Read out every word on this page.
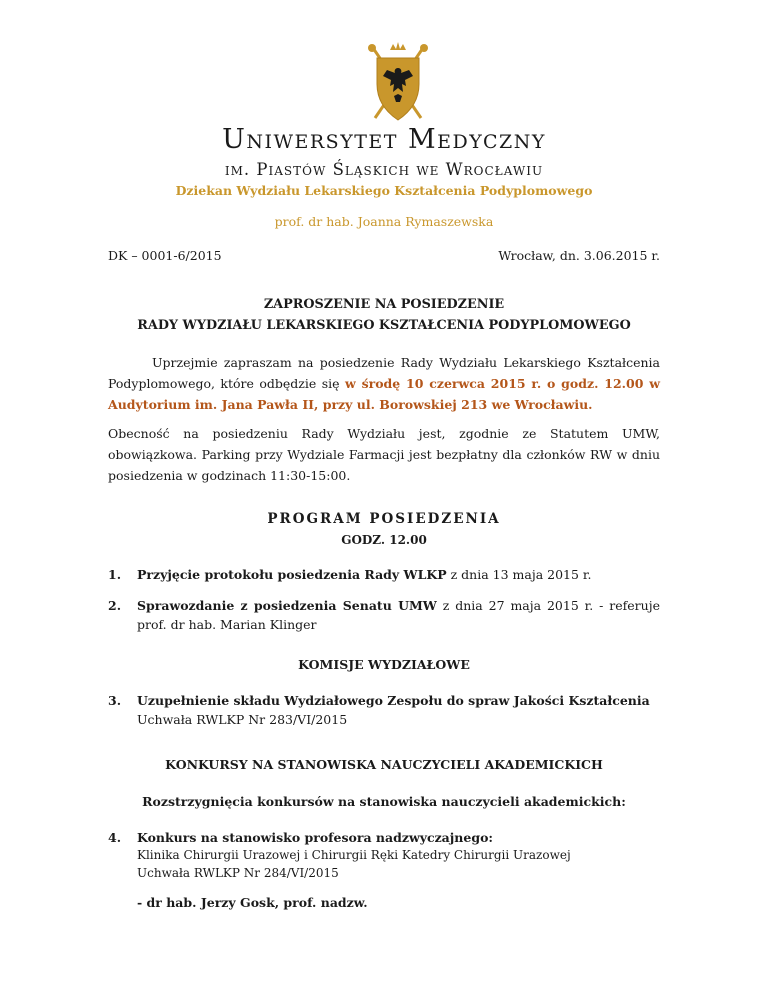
Uniwersytet Medyczny
im. Piastów Śląskich we Wrocławiu
Dziekan Wydziału Lekarskiego Kształcenia Podyplomowego
prof. dr hab. Joanna Rymaszewska
DK – 0001-6/2015	Wrocław, dn. 3.06.2015 r.
ZAPROSZENIE NA POSIEDZENIE
RADY WYDZIAŁU LEKARSKIEGO KSZTAŁCENIA PODYPLOMOWEGO
Uprzejmie zapraszam na posiedzenie Rady Wydziału Lekarskiego Kształcenia Podyplomowego, które odbędzie się w środę 10 czerwca 2015 r. o godz. 12.00 w Audytorium im. Jana Pawła II, przy ul. Borowskiej 213 we Wrocławiu.
Obecność na posiedzeniu Rady Wydziału jest, zgodnie ze Statutem UMW, obowiązkowa. Parking przy Wydziale Farmacji jest bezpłatny dla członków RW w dniu posiedzenia w godzinach 11:30-15:00.
PROGRAM POSIEDZENIA
GODZ. 12.00
1. Przyjęcie protokołu posiedzenia Rady WLKP z dnia 13 maja 2015 r.
2. Sprawozdanie z posiedzenia Senatu UMW z dnia 27 maja 2015 r. - referuje prof. dr hab. Marian Klinger
KOMISJE WYDZIAŁOWE
3. Uzupełnienie składu Wydziałowego Zespołu do spraw Jakości Kształcenia
Uchwała RWLKP Nr 283/VI/2015
KONKURSY NA STANOWISKA NAUCZYCIELI AKADEMICKICH
Rozstrzygnięcia konkursów na stanowiska nauczycieli akademickich:
4. Konkurs na stanowisko profesora nadzwyczajnego:
Klinika Chirurgii Urazowej i Chirurgii Ręki Katedry Chirurgii Urazowej
Uchwała RWLKP Nr 284/VI/2015
- dr hab. Jerzy Gosk, prof. nadzw.
